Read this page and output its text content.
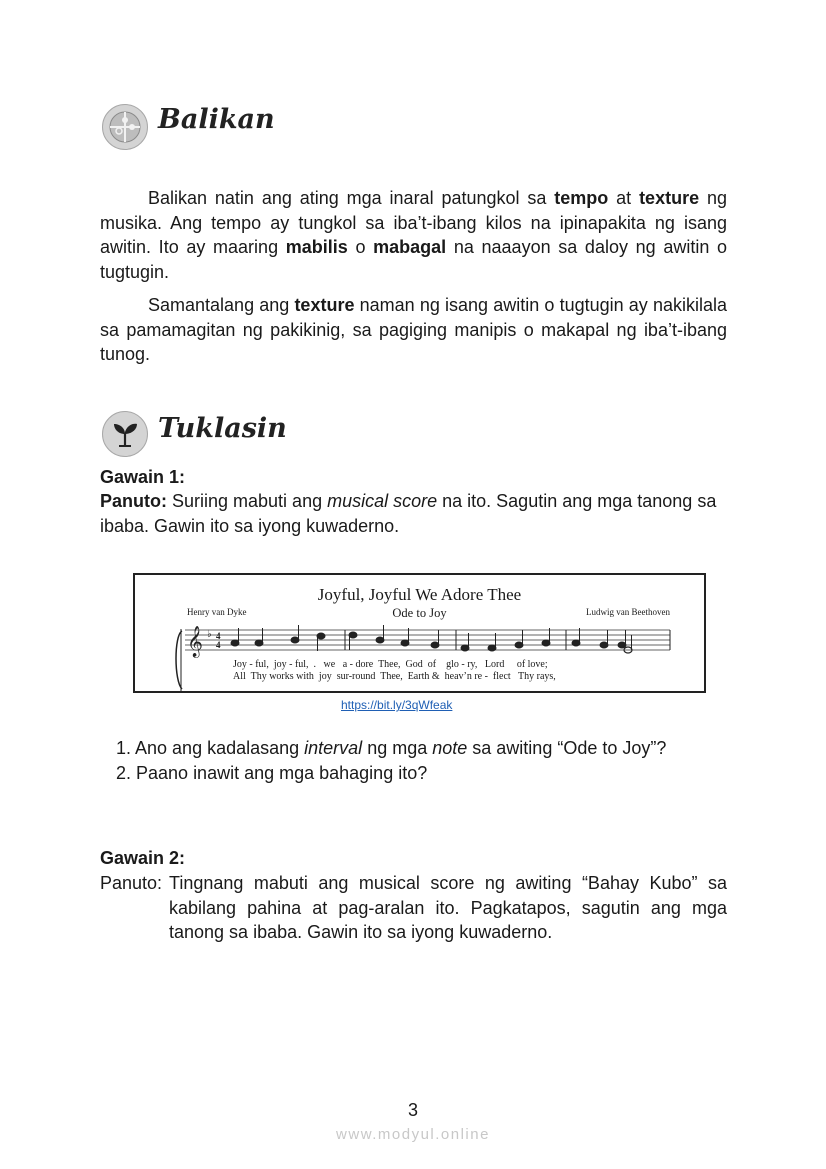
Balikan

Balikan natin ang ating mga inaral patungkol sa tempo at texture ng musika. Ang tempo ay tungkol sa iba’t-ibang kilos na ipinapakita ng isang awitin. Ito ay maaring mabilis o mabagal na naaayon sa daloy ng awitin o tugtugin.

Samantalang ang texture naman ng isang awitin o tugtugin ay nakikilala sa pamamagitan ng pakikinig, sa pagiging manipis o makapal ng iba’t-ibang tunog.

Tuklasin
Gawain 1:
Panuto: Suriing mabuti ang musical score na ito. Sagutin ang mga tanong sa ibaba. Gawin ito sa iyong kuwaderno.
Joyful, Joyful We Adore Thee
Ode to Joy
Henry van Dyke	Ludwig van Beethoven
𝄞 ♭ 4
4
Joy - ful,  joy - ful,  .   we   a - dore  Thee,  God  of    glo - ry,   Lord     of love;
All  Thy works with  joy  sur-round  Thee,  Earth &  heav’n re -  flect   Thy rays,
https://bit.ly/3qWfeak
1. Ano ang kadalasang interval ng mga note sa awiting “Ode to Joy”?
2. Paano inawit ang mga bahaging ito?
Gawain 2:
Panuto: Tingnang mabuti ang musical score ng awiting “Bahay Kubo” sa kabilang pahina at pag-aralan ito. Pagkatapos, sagutin ang mga tanong sa ibaba. Gawin ito sa iyong kuwaderno.
3
www.modyul.online
